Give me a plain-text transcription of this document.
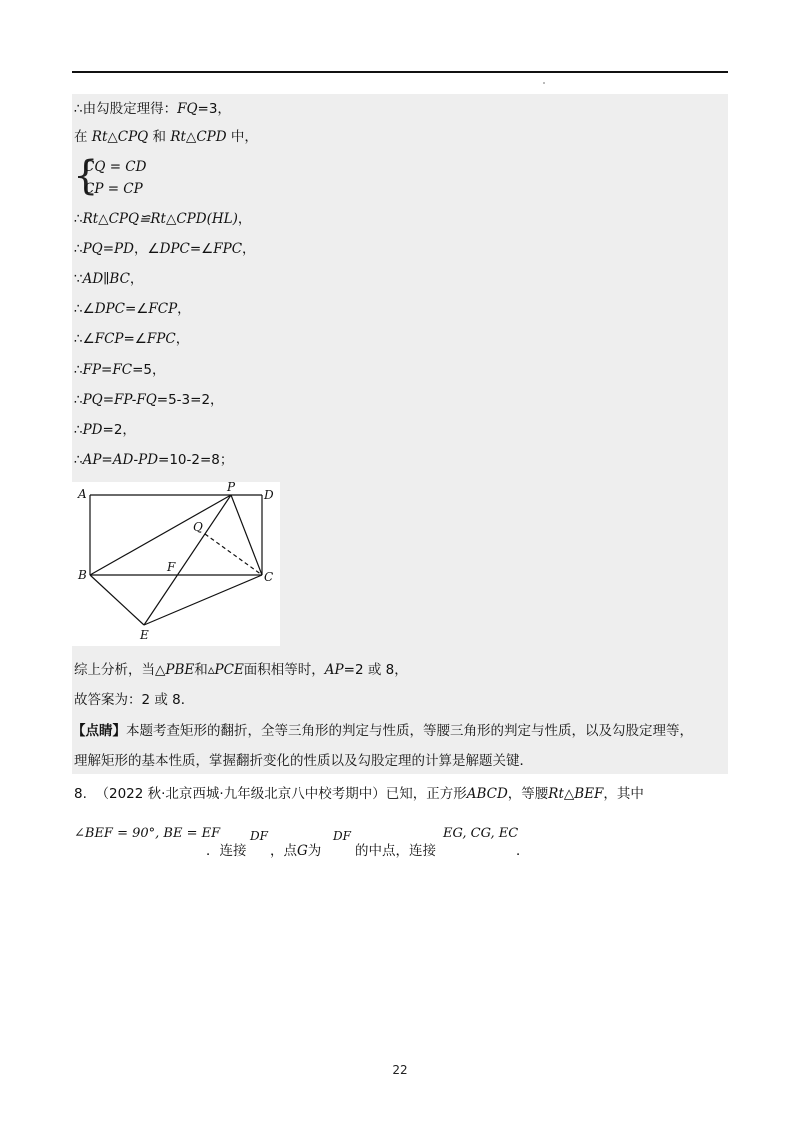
∴由勾股定理得：FQ=3，
在 Rt△CPQ 和 Rt△CPD 中，
{
CQ = CD
CP = CP
∴Rt△CPQ≌Rt△CPD(HL)，
∴PQ=PD，∠DPC=∠FPC，
∵AD∥BC，
∴∠DPC=∠FCP，
∴∠FCP=∠FPC，
∴FP=FC=5，
∴PQ=FP-FQ=5-3=2，
∴PD=2，
∴AP=AD-PD=10-2=8；
A	D
P
Q
B
F
C
E
综上分析，当△PBE和▵PCE面积相等时，AP=2 或 8，
故答案为：2 或 8．
【点睛】本题考查矩形的翻折，全等三角形的判定与性质，等腰三角形的判定与性质，以及勾股定理等，
理解矩形的基本性质，掌握翻折变化的性质以及勾股定理的计算是解题关键．
8. （2022 秋·北京西城·九年级北京八中校考期中）已知，正方形ABCD，等腰Rt△BEF，其中
∠BEF = 90°, BE = EF
．连接
DF
，点G为
DF
的中点，连接
EG, CG, EC
．
22
